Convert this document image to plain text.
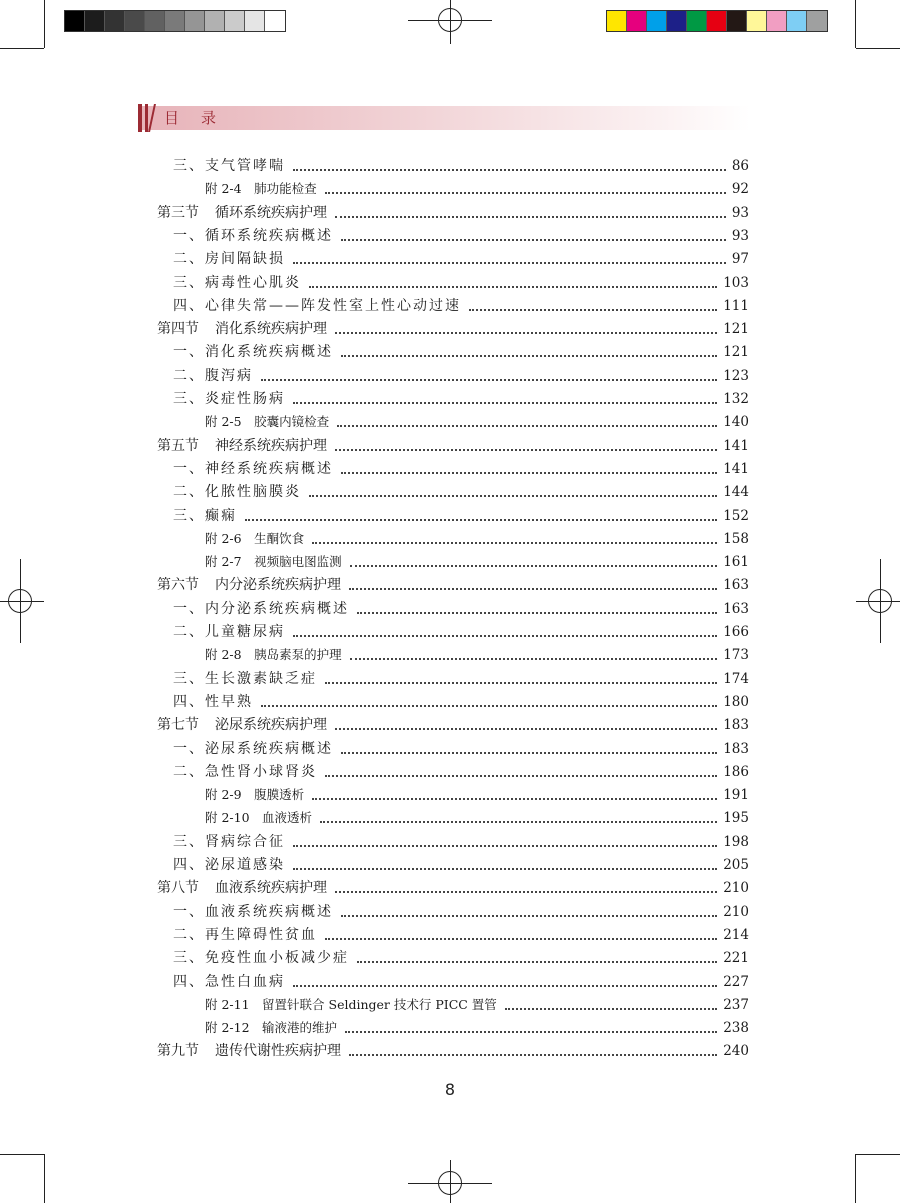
目录
三、支气管哮喘	86
附 2-4　肺功能检查	92
第三节 循环系统疾病护理	93
一、循环系统疾病概述	93
二、房间隔缺损	97
三、病毒性心肌炎	103
四、心律失常——阵发性室上性心动过速	111
第四节 消化系统疾病护理	121
一、消化系统疾病概述	121
二、腹泻病	123
三、炎症性肠病	132
附 2-5　胶囊内镜检查	140
第五节 神经系统疾病护理	141
一、神经系统疾病概述	141
二、化脓性脑膜炎	144
三、癫痫	152
附 2-6　生酮饮食	158
附 2-7　视频脑电图监测	161
第六节 内分泌系统疾病护理	163
一、内分泌系统疾病概述	163
二、儿童糖尿病	166
附 2-8　胰岛素泵的护理	173
三、生长激素缺乏症	174
四、性早熟	180
第七节 泌尿系统疾病护理	183
一、泌尿系统疾病概述	183
二、急性肾小球肾炎	186
附 2-9　腹膜透析	191
附 2-10　血液透析	195
三、肾病综合征	198
四、泌尿道感染	205
第八节 血液系统疾病护理	210
一、血液系统疾病概述	210
二、再生障碍性贫血	214
三、免疫性血小板减少症	221
四、急性白血病	227
附 2-11　留置针联合 Seldinger 技术行 PICC 置管	237
附 2-12　输液港的维护	238
第九节 遗传代谢性疾病护理	240
8
